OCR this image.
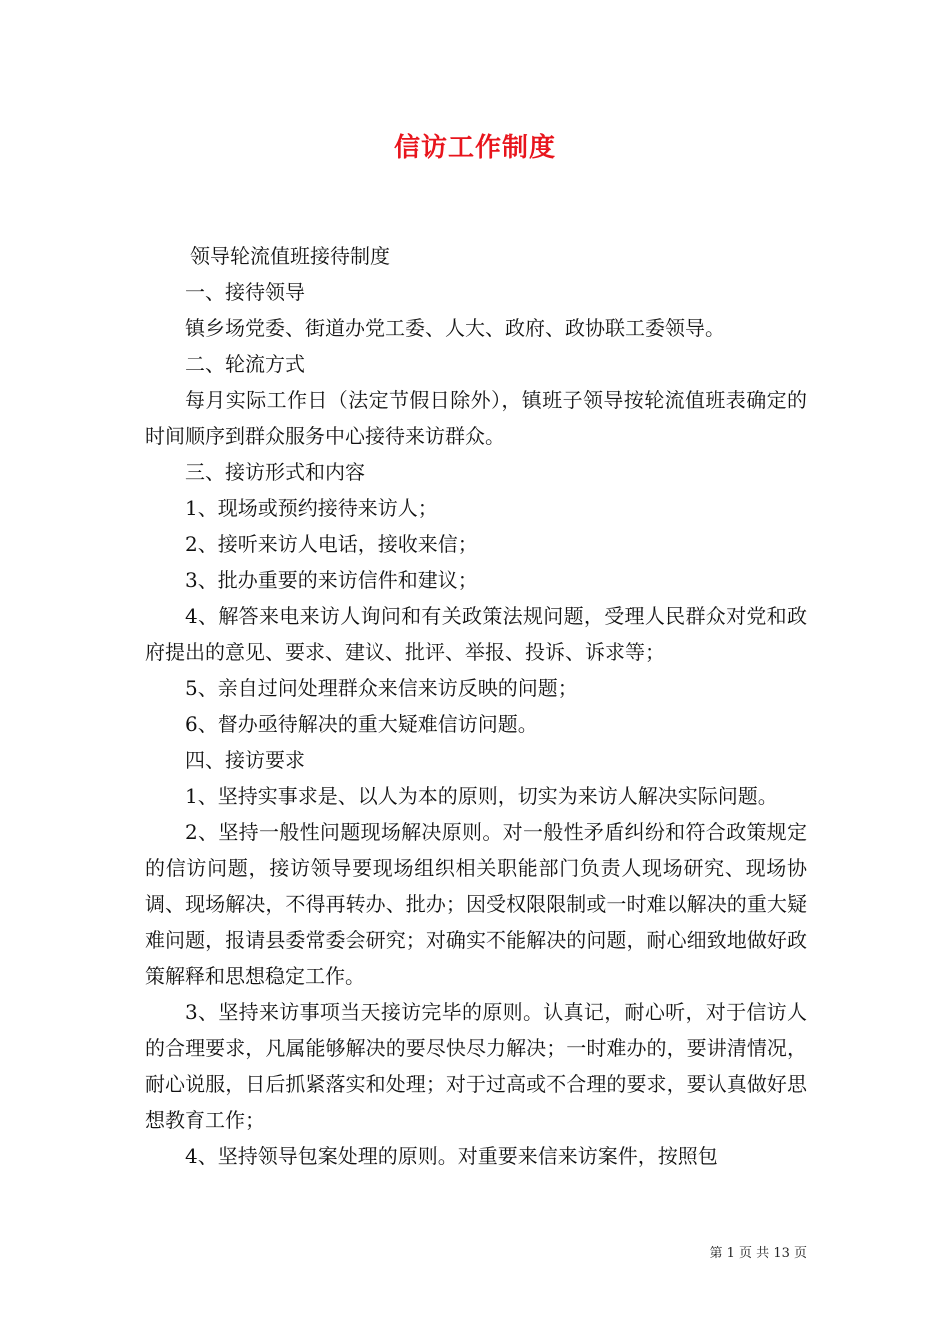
信访工作制度

领导轮流值班接待制度

一、接待领导

镇乡场党委、街道办党工委、人大、政府、政协联工委领导。

二、轮流方式

每月实际工作日（法定节假日除外），镇班子领导按轮流值班表确定的时间顺序到群众服务中心接待来访群众。

三、接访形式和内容

1、现场或预约接待来访人；

2、接听来访人电话，接收来信；

3、批办重要的来访信件和建议；

4、解答来电来访人询问和有关政策法规问题，受理人民群众对党和政府提出的意见、要求、建议、批评、举报、投诉、诉求等；

5、亲自过问处理群众来信来访反映的问题；

6、督办亟待解决的重大疑难信访问题。

四、接访要求

1、坚持实事求是、以人为本的原则，切实为来访人解决实际问题。

2、坚持一般性问题现场解决原则。对一般性矛盾纠纷和符合政策规定的信访问题，接访领导要现场组织相关职能部门负责人现场研究、现场协调、现场解决，不得再转办、批办；因受权限限制或一时难以解决的重大疑难问题，报请县委常委会研究；对确实不能解决的问题，耐心细致地做好政策解释和思想稳定工作。

3、坚持来访事项当天接访完毕的原则。认真记，耐心听，对于信访人的合理要求，凡属能够解决的要尽快尽力解决；一时难办的，要讲清情况，耐心说服，日后抓紧落实和处理；对于过高或不合理的要求，要认真做好思想教育工作；

4、坚持领导包案处理的原则。对重要来信来访案件，按照包

第 1 页 共 13 页
